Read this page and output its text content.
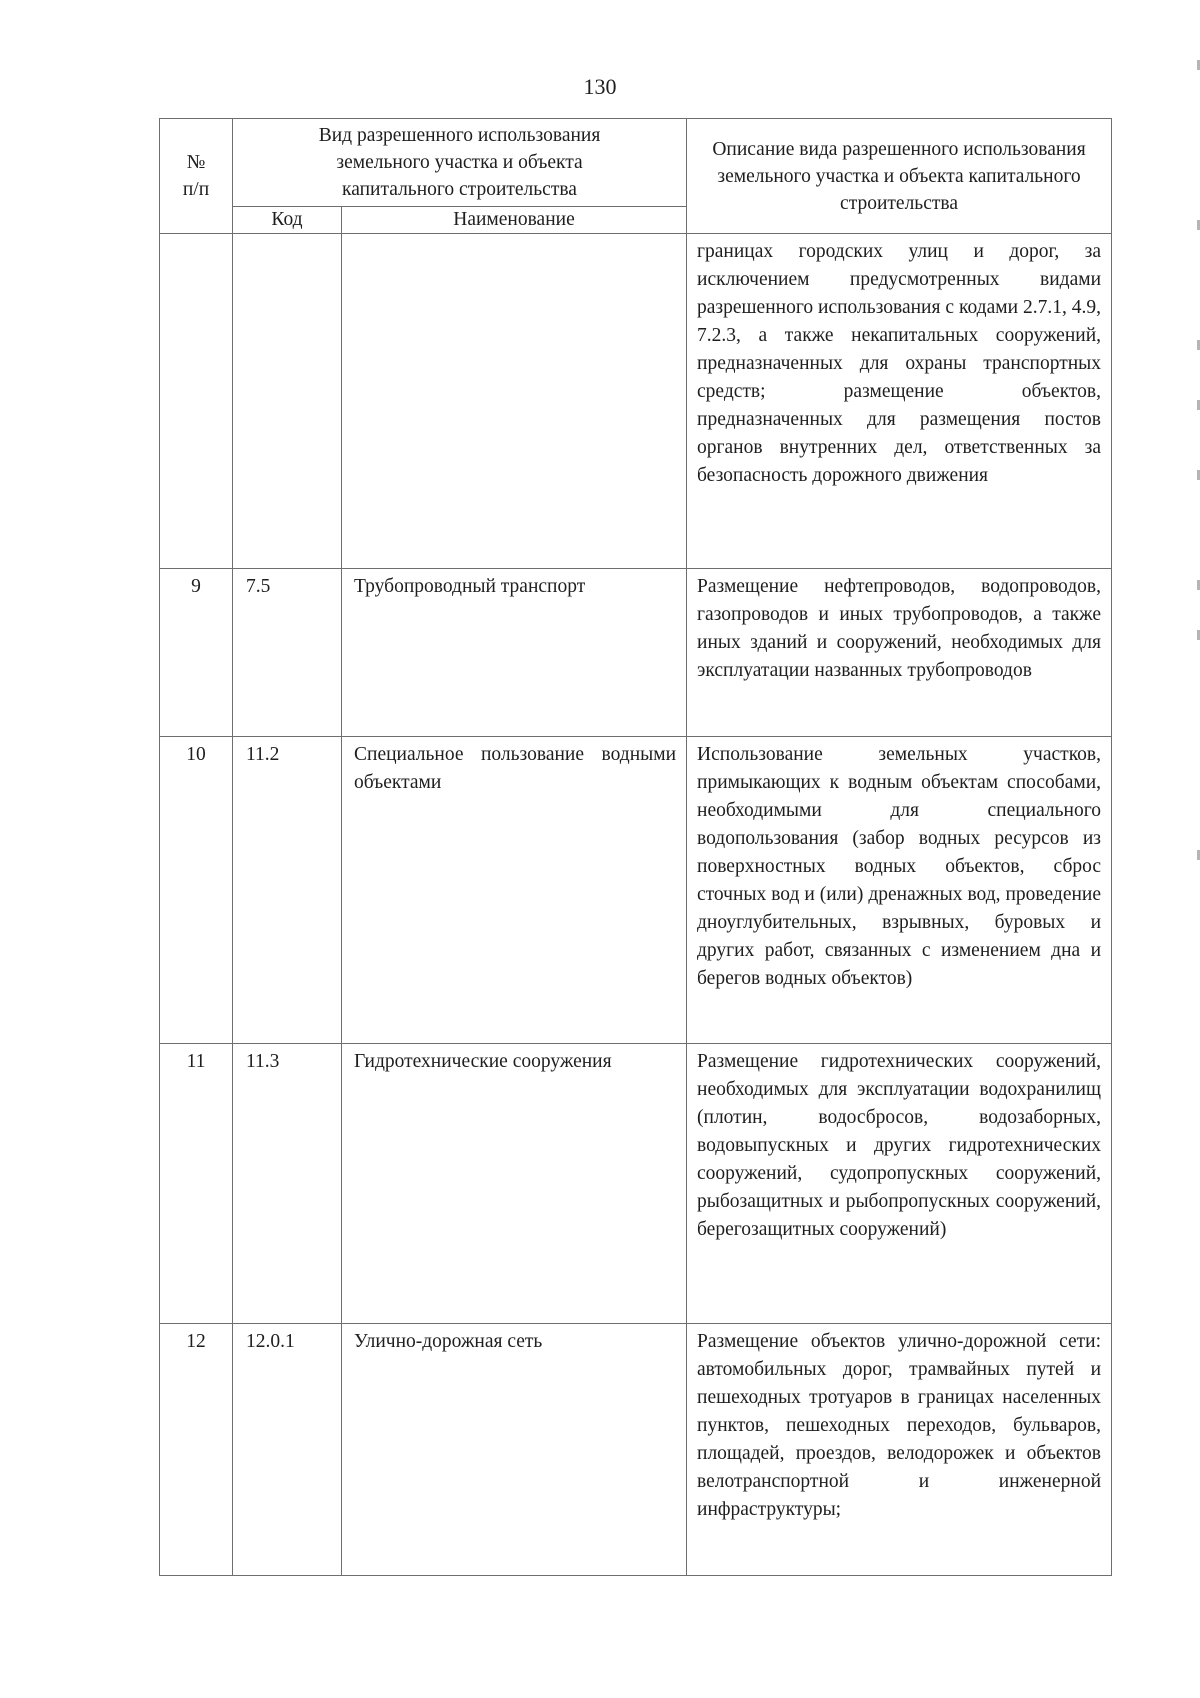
130
№ п/п	Вид разрешенного использования земельного участка и объекта капитального строительства		Описание вида разрешенного использования земельного участка и объекта капитального строительства
	Код	Наименование	
			границах городских улиц и дорог, за исключением предусмотренных видами разрешенного использования с кодами 2.7.1, 4.9, 7.2.3, а также некапитальных сооружений, предназначенных для охраны транспортных средств; размещение объектов, предназначенных для размещения постов органов внутренних дел, ответственных за безопасность дорожного движения
9	7.5	Трубопроводный транспорт	Размещение нефтепроводов, водопроводов, газопроводов и иных трубопроводов, а также иных зданий и сооружений, необходимых для эксплуатации названных трубопроводов
10	11.2	Специальное пользование водными объектами	Использование земельных участков, примыкающих к водным объектам способами, необходимыми для специального водопользования (забор водных ресурсов из поверхностных водных объектов, сброс сточных вод и (или) дренажных вод, проведение дноуглубительных, взрывных, буровых и других работ, связанных с изменением дна и берегов водных объектов)
11	11.3	Гидротехнические сооружения	Размещение гидротехнических сооружений, необходимых для эксплуатации водохранилищ (плотин, водосбросов, водозаборных, водовыпускных и других гидротехнических сооружений, судопропускных сооружений, рыбозащитных и рыбопропускных сооружений, берегозащитных сооружений)
12	12.0.1	Улично-дорожная сеть	Размещение объектов улично-дорожной сети: автомобильных дорог, трамвайных путей и пешеходных тротуаров в границах населенных пунктов, пешеходных переходов, бульваров, площадей, проездов, велодорожек и объектов велотранспортной и инженерной инфраструктуры;
